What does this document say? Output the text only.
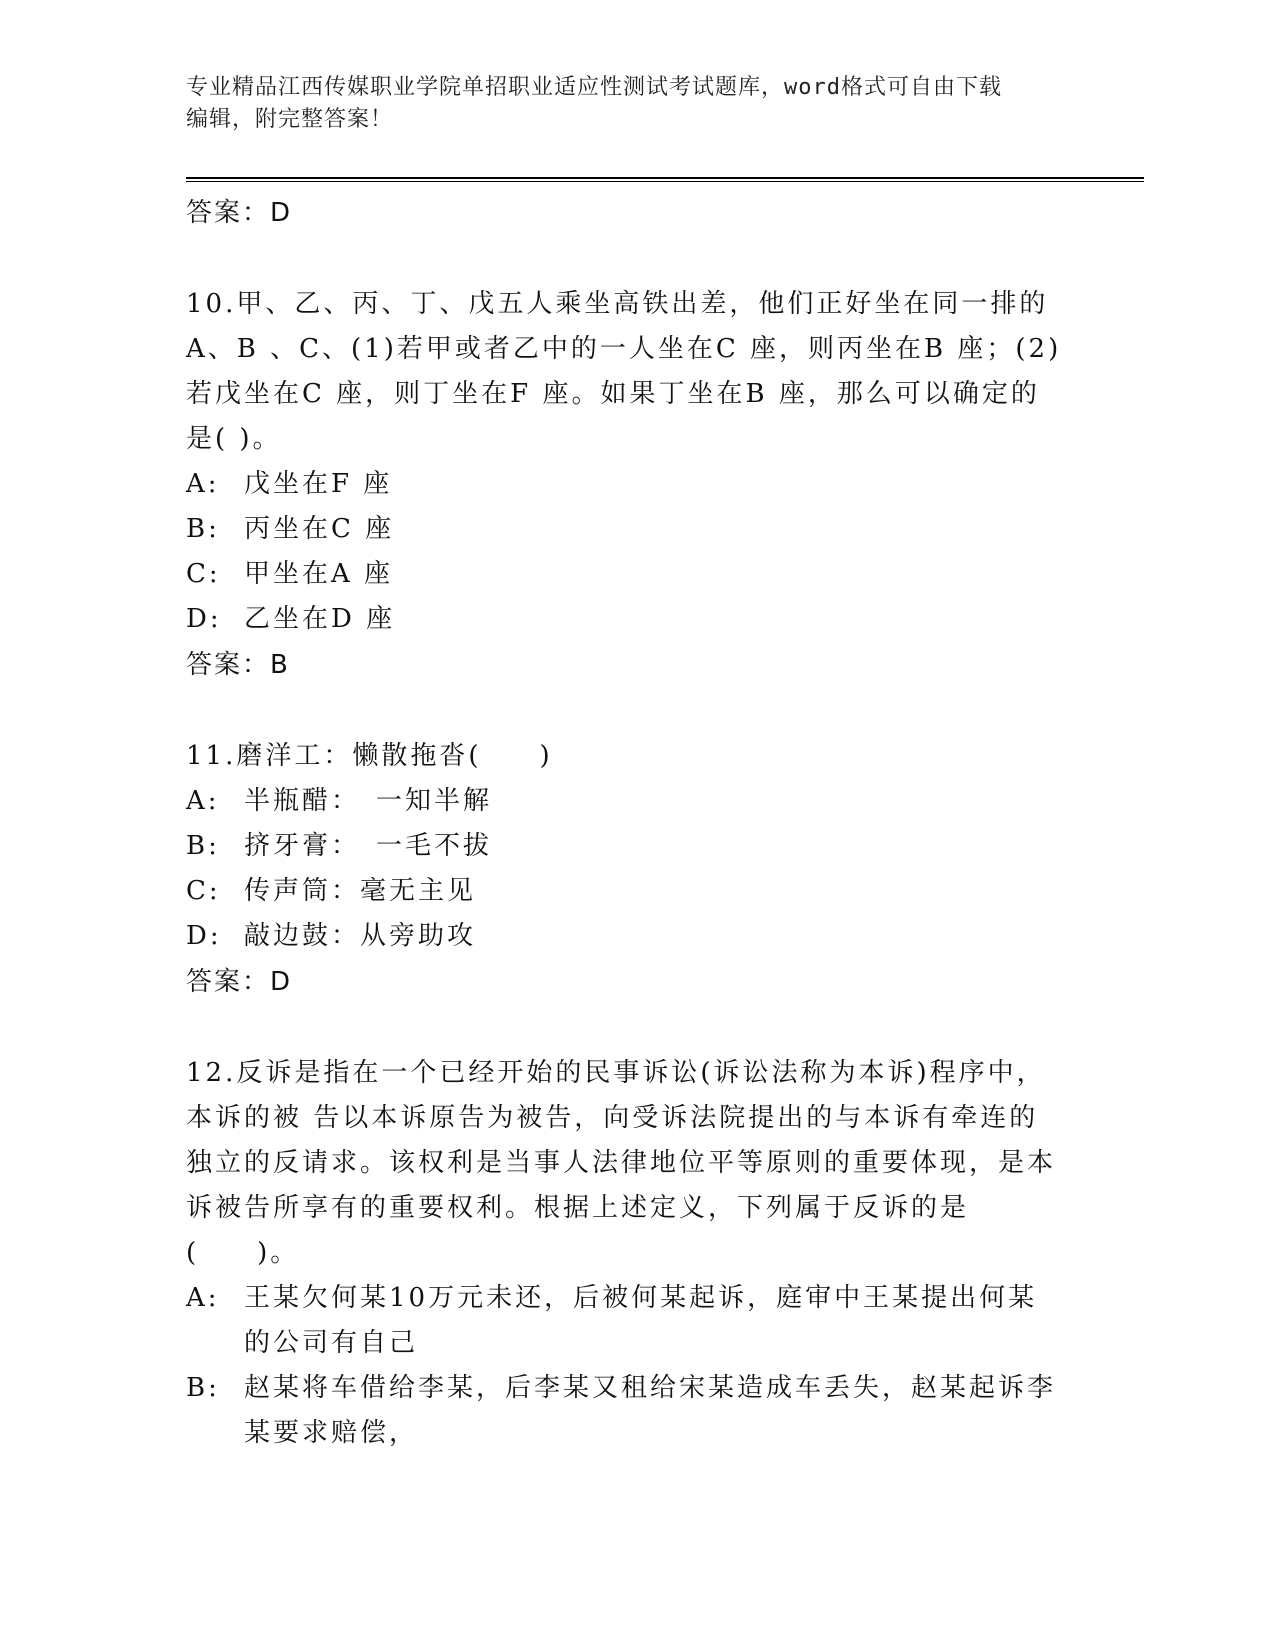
专业精品江西传媒职业学院单招职业适应性测试考试题库，word格式可自由下载
编辑，附完整答案！
答案：D
10.甲、乙、丙、丁、戊五人乘坐高铁出差，他们正好坐在同一排的A、B 、C、(1)若甲或者乙中的一人坐在C 座，则丙坐在B 座；(2)若戊坐在C 座，则丁坐在F 座。如果丁坐在B 座，那么可以确定的是( )。
A: 戊坐在F 座
B: 丙坐在C 座
C: 甲坐在A 座
D: 乙坐在D 座
答案：B
11.磨洋工：懒散拖沓(　　)
A: 半瓶醋：　一知半解
B: 挤牙膏：　一毛不拔
C: 传声筒：毫无主见
D: 敲边鼓：从旁助攻
答案：D
12.反诉是指在一个已经开始的民事诉讼(诉讼法称为本诉)程序中，本诉的被 告以本诉原告为被告，向受诉法院提出的与本诉有牵连的独立的反请求。该权利是当事人法律地位平等原则的重要体现，是本诉被告所享有的重要权利。根据上述定义，下列属于反诉的是(　　)。
A: 王某欠何某10万元未还，后被何某起诉，庭审中王某提出何某的公司有自己
B: 赵某将车借给李某，后李某又租给宋某造成车丢失，赵某起诉李某要求赔偿，
